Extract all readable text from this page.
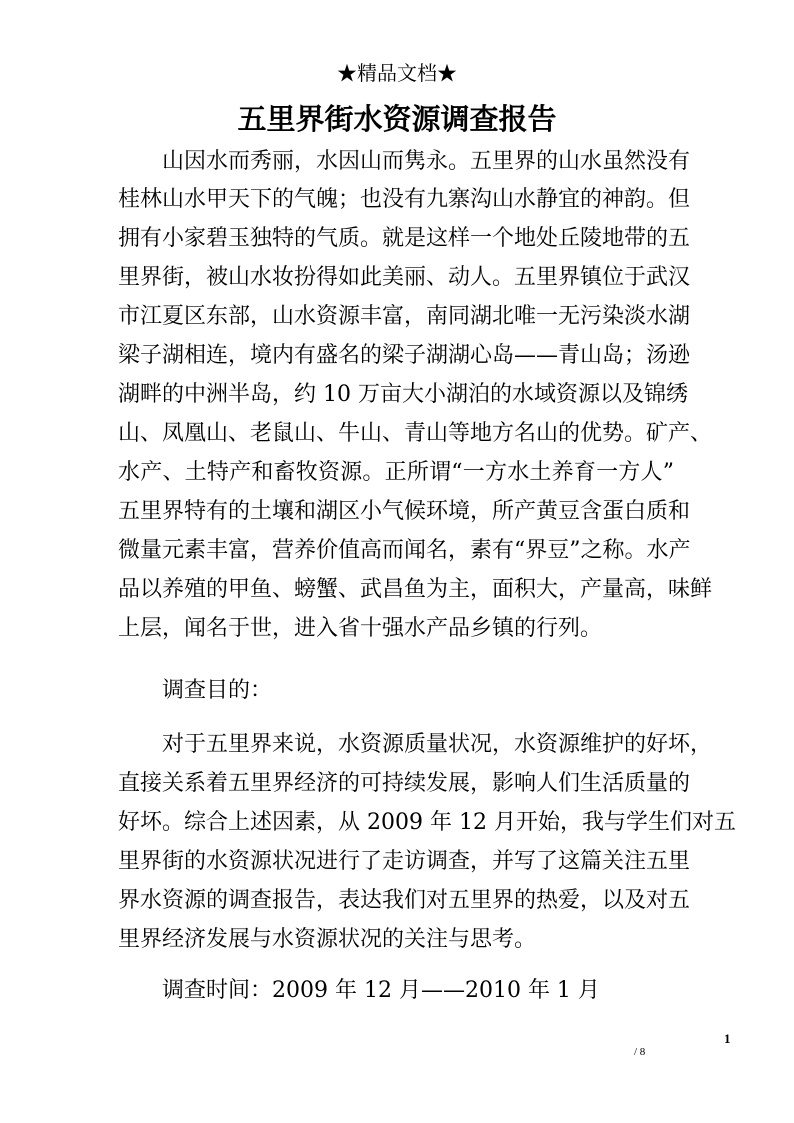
★精品文档★
五里界街水资源调查报告
山因水而秀丽，水因山而隽永。五里界的山水虽然没有
桂林山水甲天下的气魄；也没有九寨沟山水静宜的神韵。但
拥有小家碧玉独特的气质。就是这样一个地处丘陵地带的五
里界街，被山水妆扮得如此美丽、动人。五里界镇位于武汉
市江夏区东部，山水资源丰富，南同湖北唯一无污染淡水湖
梁子湖相连，境内有盛名的梁子湖湖心岛——青山岛；汤逊
湖畔的中洲半岛，约 10 万亩大小湖泊的水域资源以及锦绣
山、凤凰山、老鼠山、牛山、青山等地方名山的优势。矿产、
水产、土特产和畜牧资源。正所谓“一方水土养育一方人”
五里界特有的土壤和湖区小气候环境，所产黄豆含蛋白质和
微量元素丰富，营养价值高而闻名，素有“界豆”之称。水产
品以养殖的甲鱼、螃蟹、武昌鱼为主，面积大，产量高，味鲜
上层，闻名于世，进入省十强水产品乡镇的行列。
调查目的：
对于五里界来说，水资源质量状况，水资源维护的好坏，
直接关系着五里界经济的可持续发展，影响人们生活质量的
好坏。综合上述因素，从 2009 年 12 月开始，我与学生们对五
里界街的水资源状况进行了走访调查，并写了这篇关注五里
界水资源的调查报告，表达我们对五里界的热爱，以及对五
里界经济发展与水资源状况的关注与思考。
调查时间：2009 年 12 月——2010 年 1 月
1
/ 8
